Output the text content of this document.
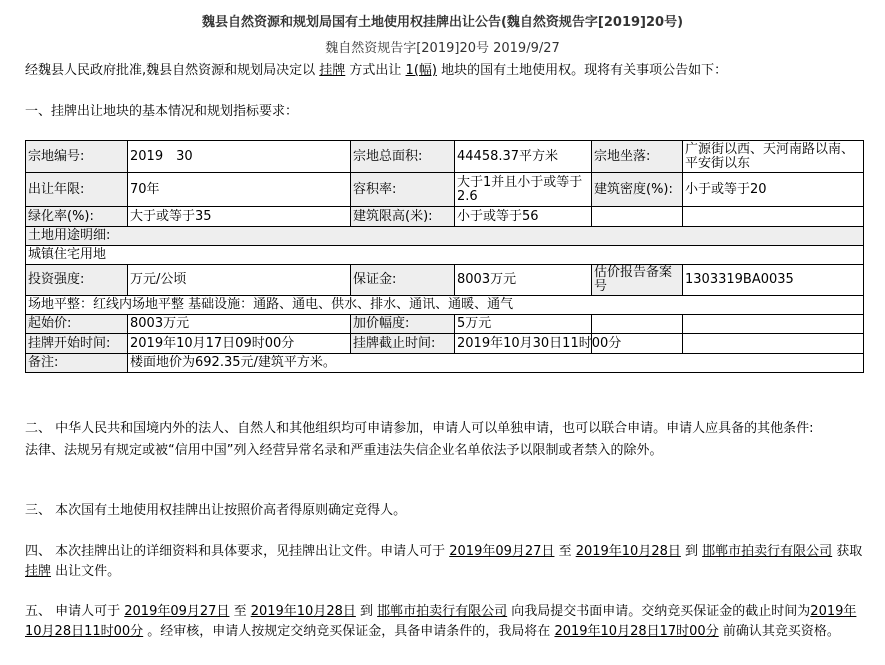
魏县自然资源和规划局国有土地使用权挂牌出让公告(魏自然资规告字[2019]20号)
魏自然资规告字[2019]20号 2019/9/27
经魏县人民政府批准,魏县自然资源和规划局决定以 挂牌 方式出让 1(幅) 地块的国有土地使用权。现将有关事项公告如下：
一、挂牌出让地块的基本情况和规划指标要求：
宗地编号:	2019　30	宗地总面积:	44458.37平方米	宗地坐落:	广源街以西、天河南路以南、平安街以东
出让年限:	70年	容积率:	大于1并且小于或等于2.6	建筑密度(%):	小于或等于20
绿化率(%):	大于或等于35	建筑限高(米):	小于或等于56		
土地用途明细:					
城镇住宅用地					
投资强度:	万元/公顷	保证金:	8003万元	估价报告备案号	1303319BA0035
场地平整：红线内场地平整 基础设施：通路、通电、供水、排水、通讯、通暖、通气					
起始价:	8003万元	加价幅度:	5万元		
挂牌开始时间:	2019年10月17日09时00分	挂牌截止时间:	2019年10月30日11时00分		
备注:	楼面地价为692.35元/建筑平方米。				
二、 中华人民共和国境内外的法人、自然人和其他组织均可申请参加，申请人可以单独申请，也可以联合申请。申请人应具备的其他条件:
法律、法规另有规定或被“信用中国”列入经营异常名录和严重违法失信企业名单依法予以限制或者禁入的除外。
三、 本次国有土地使用权挂牌出让按照价高者得原则确定竞得人。
四、 本次挂牌出让的详细资料和具体要求，见挂牌出让文件。申请人可于 2019年09月27日 至 2019年10月28日 到 邯郸市拍卖行有限公司 获取 挂牌 出让文件。
五、 申请人可于 2019年09月27日 至 2019年10月28日 到 邯郸市拍卖行有限公司 向我局提交书面申请。交纳竞买保证金的截止时间为2019年10月28日11时00分 。经审核，申请人按规定交纳竞买保证金，具备申请条件的，我局将在 2019年10月28日17时00分 前确认其竞买资格。
